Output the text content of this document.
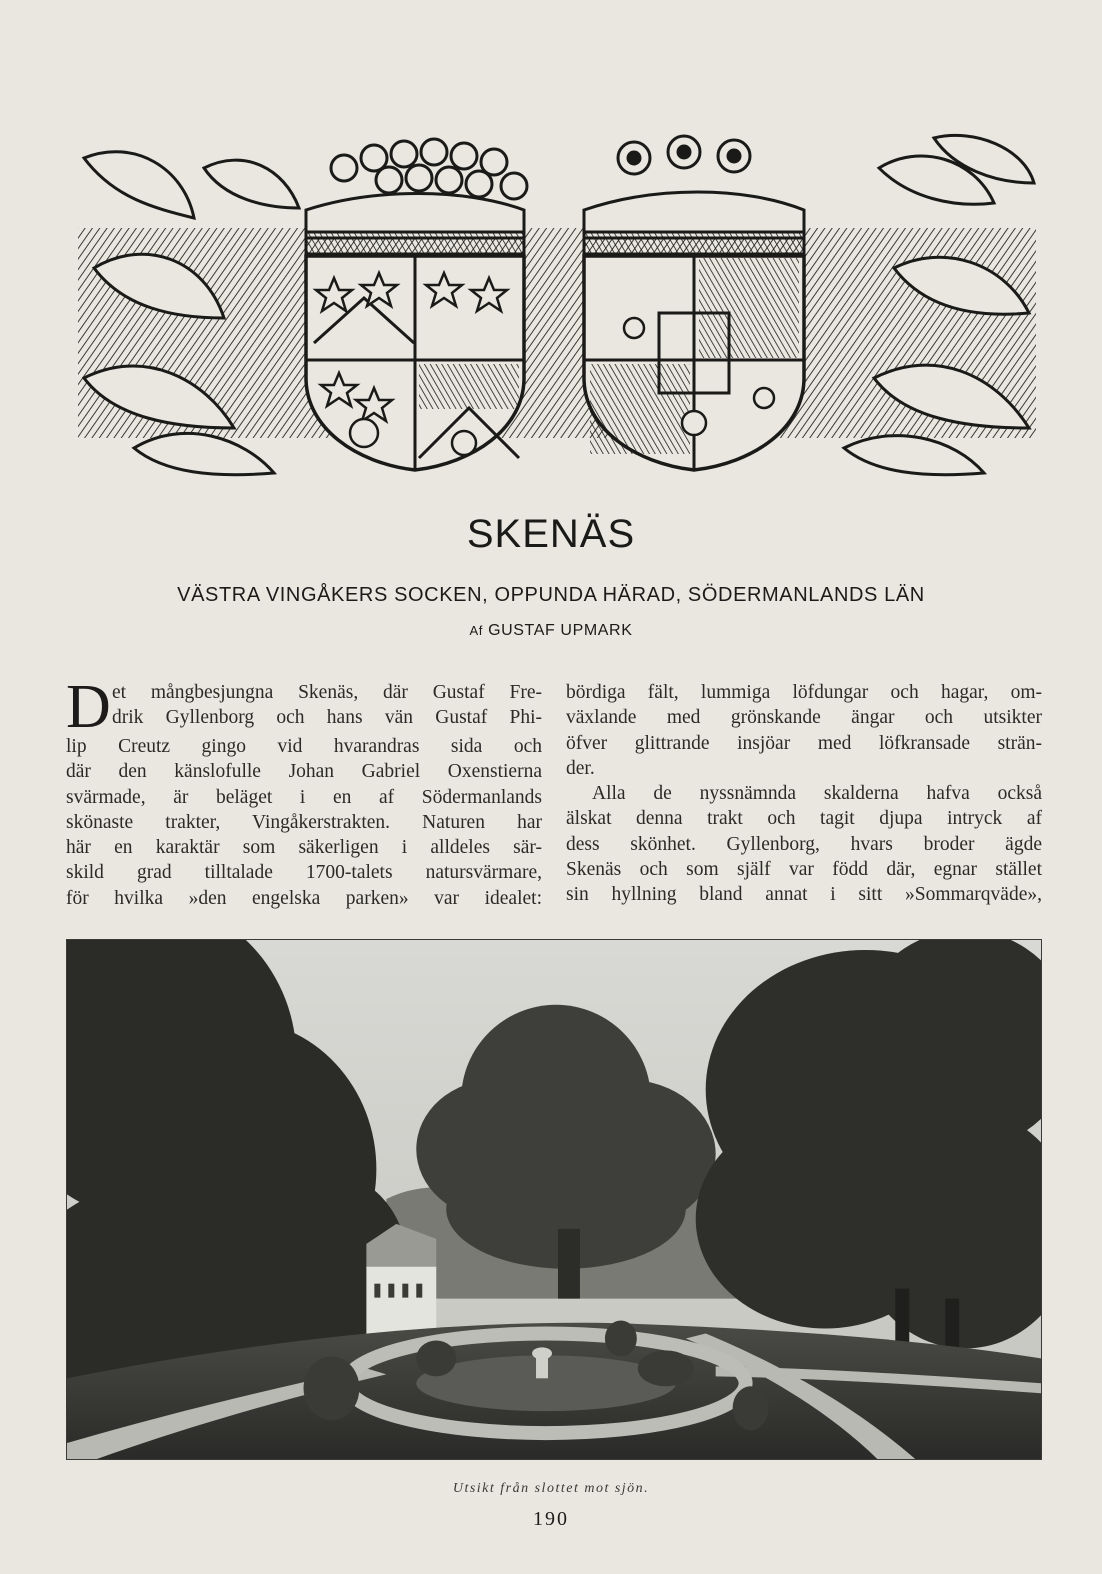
SKENÄS
VÄSTRA VINGÅKERS SOCKEN, OPPUNDA HÄRAD, SÖDERMANLANDS LÄN
Af GUSTAF UPMARK
D et mångbesjungna Skenäs, där Gustaf Fre-
drik Gyllenborg och hans vän Gustaf Phi-
lip Creutz gingo vid hvarandras sida och
där den känslofulle Johan Gabriel Oxenstierna
svärmade, är beläget i en af Södermanlands
skönaste trakter, Vingåkerstrakten. Naturen har
här en karaktär som säkerligen i alldeles sär-
skild grad tilltalade 1700-talets natursvärmare,
för hvilka »den engelska parken» var idealet:
bördiga fält, lummiga löfdungar och hagar, om-
växlande med grönskande ängar och utsikter
öfver glittrande insjöar med löfkransade strän-
der.
Alla de nyssnämnda skalderna hafva också
älskat denna trakt och tagit djupa intryck af
dess skönhet. Gyllenborg, hvars broder ägde
Skenäs och som själf var född där, egnar stället
sin hyllning bland annat i sitt »Sommarqväde»,
Utsikt från slottet mot sjön.
190
